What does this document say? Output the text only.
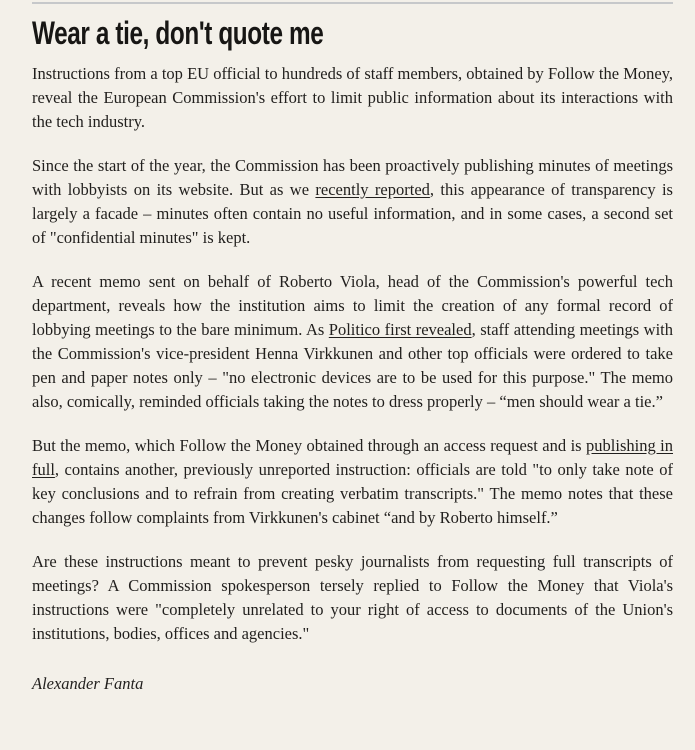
Wear a tie, don't quote me

Instructions from a top EU official to hundreds of staff members, obtained by Follow the Money, reveal the European Commission's effort to limit public information about its interactions with the tech industry.

Since the start of the year, the Commission has been proactively publishing minutes of meetings with lobbyists on its website. But as we recently reported, this appearance of transparency is largely a facade – minutes often contain no useful information, and in some cases, a second set of "confidential minutes" is kept.

A recent memo sent on behalf of Roberto Viola, head of the Commission's powerful tech department, reveals how the institution aims to limit the creation of any formal record of lobbying meetings to the bare minimum. As Politico first revealed, staff attending meetings with the Commission's vice-president Henna Virkkunen and other top officials were ordered to take pen and paper notes only – "no electronic devices are to be used for this purpose." The memo also, comically, reminded officials taking the notes to dress properly – “men should wear a tie.”

But the memo, which Follow the Money obtained through an access request and is publishing in full, contains another, previously unreported instruction: officials are told "to only take note of key conclusions and to refrain from creating verbatim transcripts." The memo notes that these changes follow complaints from Virkkunen's cabinet “and by Roberto himself.”

Are these instructions meant to prevent pesky journalists from requesting full transcripts of meetings? A Commission spokesperson tersely replied to Follow the Money that Viola's instructions were "completely unrelated to your right of access to documents of the Union's institutions, bodies, offices and agencies."

Alexander Fanta
